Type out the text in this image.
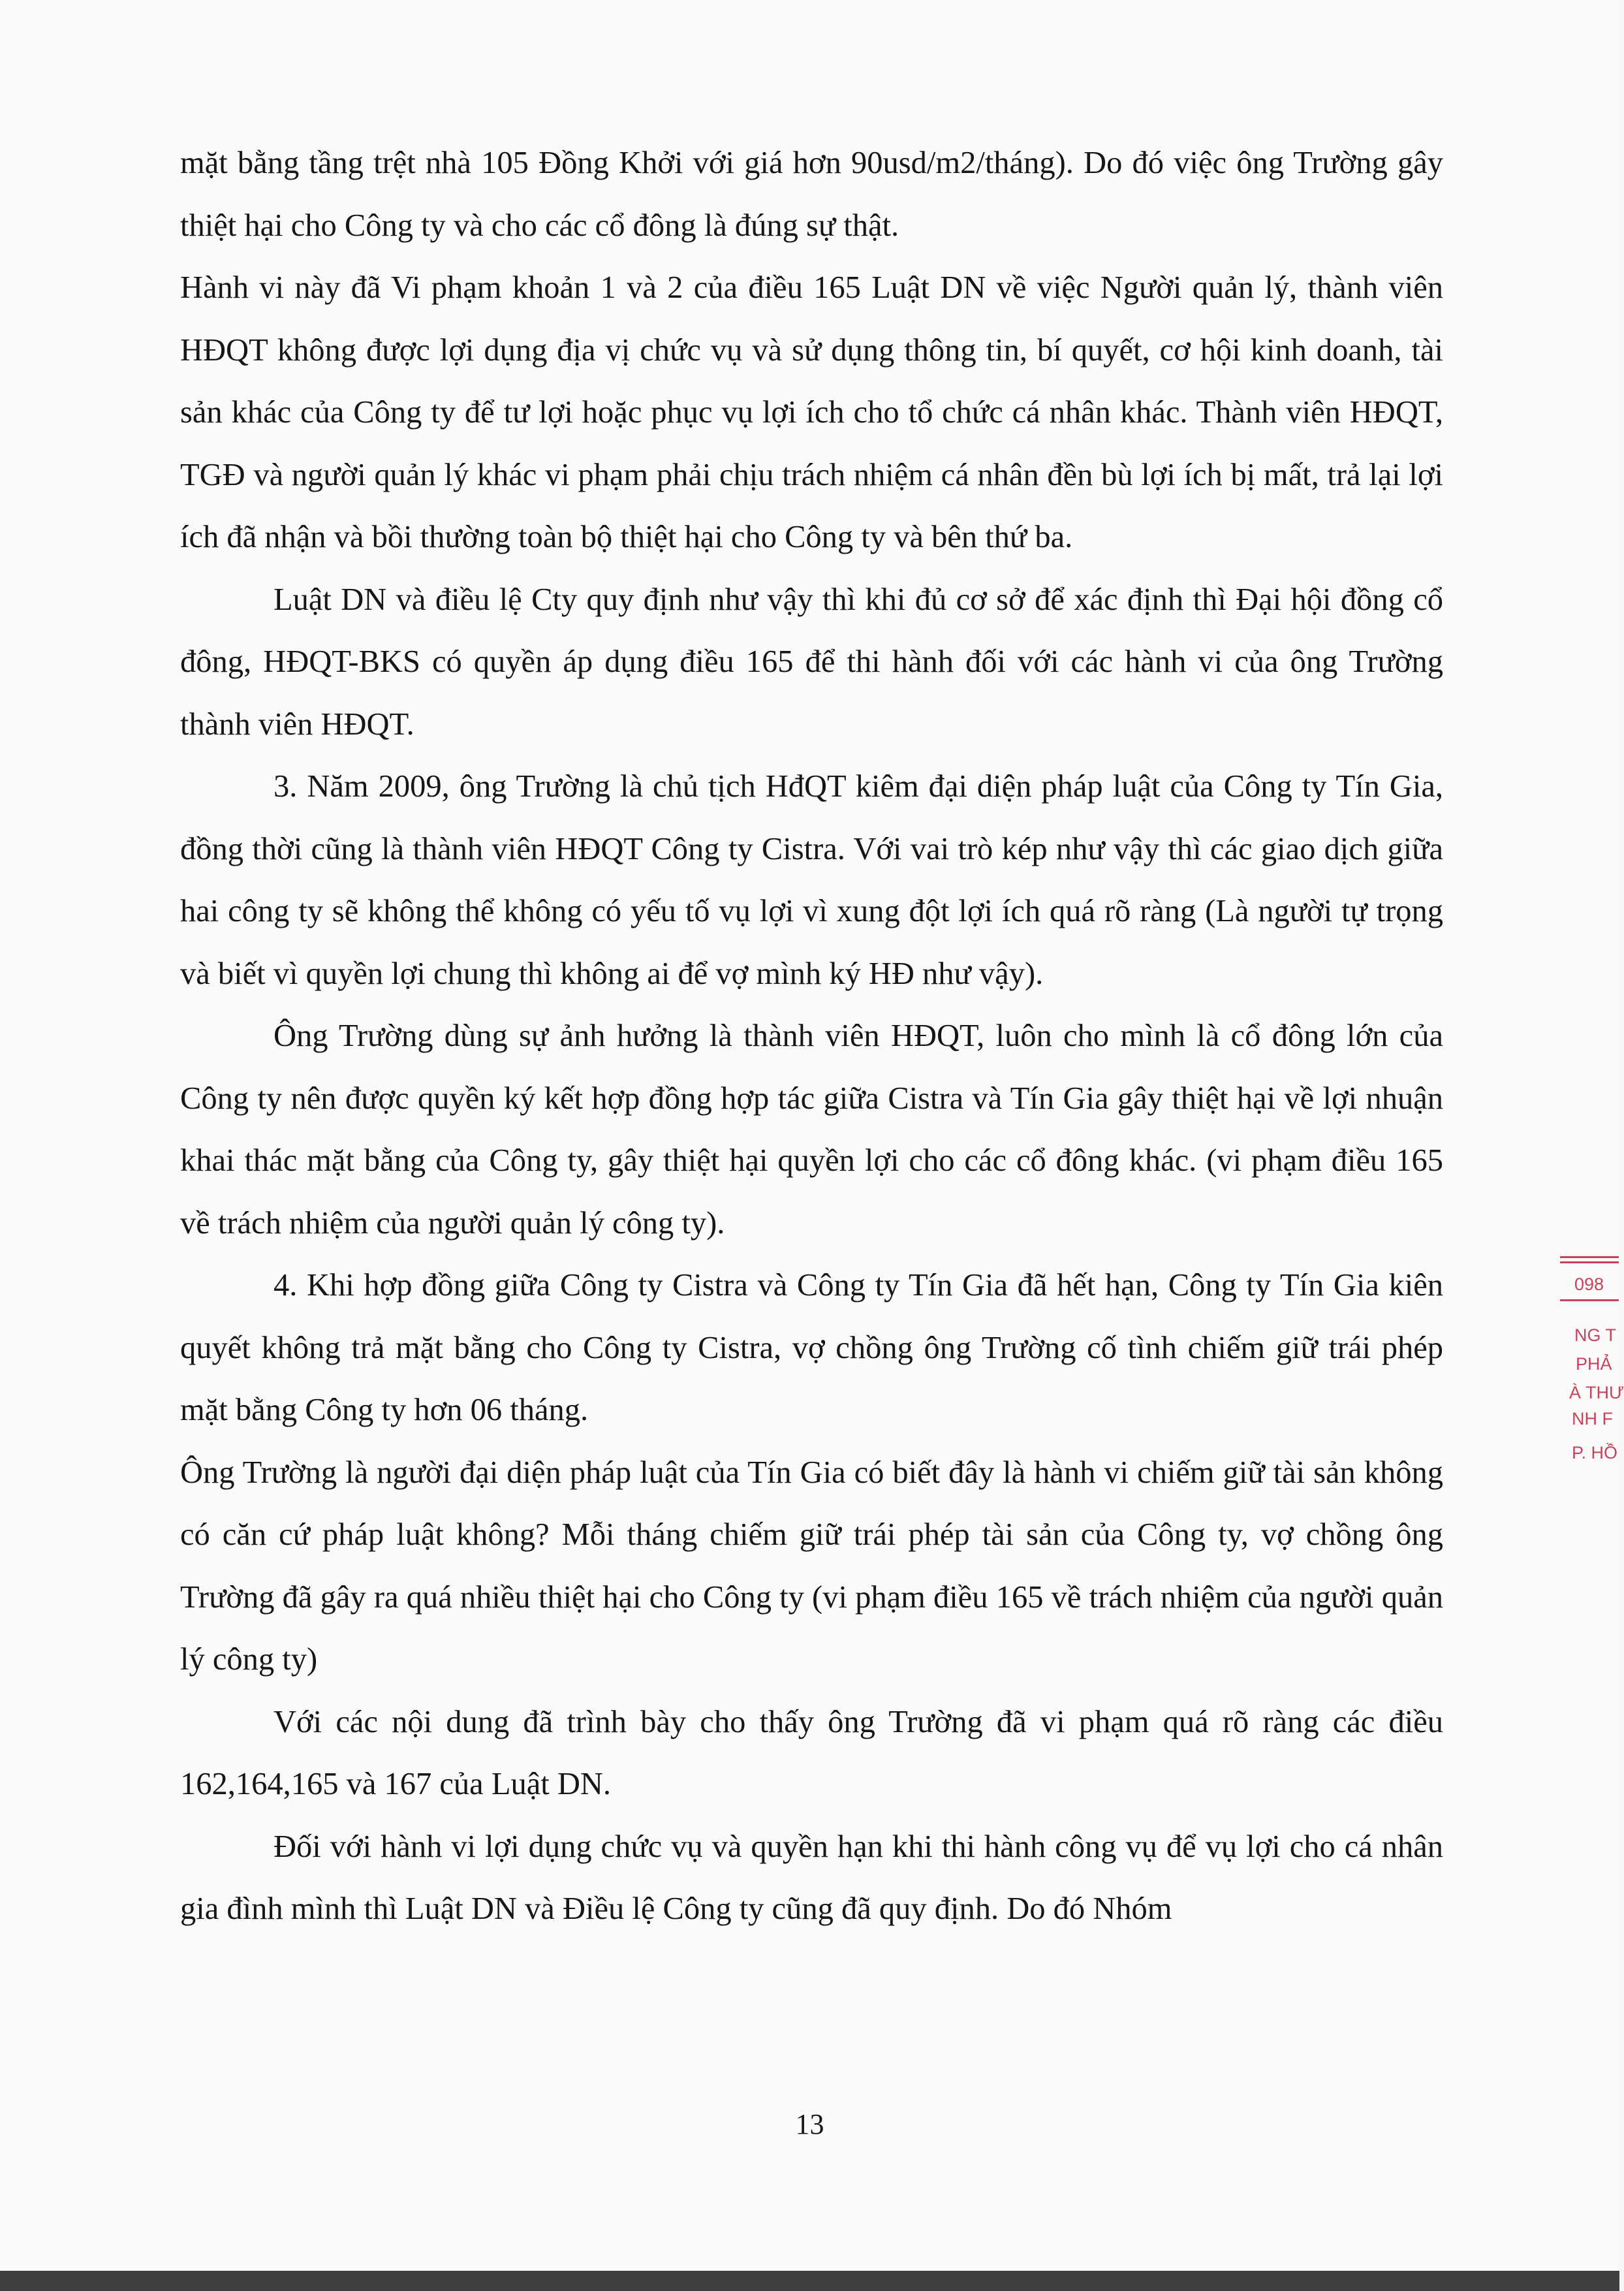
mặt bằng tầng trệt nhà 105 Đồng Khởi với giá hơn 90usd/m2/tháng). Do đó việc ông Trường gây thiệt hại cho Công ty và cho các cổ đông là đúng sự thật.

Hành vi này đã Vi phạm khoản 1 và 2 của điều 165 Luật DN về việc Người quản lý, thành viên HĐQT không được lợi dụng địa vị chức vụ và sử dụng thông tin, bí quyết, cơ hội kinh doanh, tài sản khác của Công ty để tư lợi hoặc phục vụ lợi ích cho tổ chức cá nhân khác. Thành viên HĐQT, TGĐ và người quản lý khác vi phạm phải chịu trách nhiệm cá nhân đền bù lợi ích bị mất, trả lại lợi ích đã nhận và bồi thường toàn bộ thiệt hại cho Công ty và bên thứ ba.

Luật DN và điều lệ Cty quy định như vậy thì khi đủ cơ sở để xác định thì Đại hội đồng cổ đông, HĐQT-BKS có quyền áp dụng điều 165 để thi hành đối với các hành vi của ông Trường thành viên HĐQT.

3. Năm 2009, ông Trường là chủ tịch HđQT kiêm đại diện pháp luật của Công ty Tín Gia, đồng thời cũng là thành viên HĐQT Công ty Cistra. Với vai trò kép như vậy thì các giao dịch giữa hai công ty sẽ không thể không có yếu tố vụ lợi vì xung đột lợi ích quá rõ ràng (Là người tự trọng và biết vì quyền lợi chung thì không ai để vợ mình ký HĐ như vậy).

Ông Trường dùng sự ảnh hưởng là thành viên HĐQT, luôn cho mình là cổ đông lớn của Công ty nên được quyền ký kết hợp đồng hợp tác giữa Cistra và Tín Gia gây thiệt hại về lợi nhuận khai thác mặt bằng của Công ty, gây thiệt hại quyền lợi cho các cổ đông khác. (vi phạm điều 165 về trách nhiệm của người quản lý công ty).

4. Khi hợp đồng giữa Công ty Cistra và Công ty Tín Gia đã hết hạn, Công ty Tín Gia kiên quyết không trả mặt bằng cho Công ty Cistra, vợ chồng ông Trường cố tình chiếm giữ trái phép mặt bằng Công ty hơn 06 tháng.

Ông Trường là người đại diện pháp luật của Tín Gia có biết đây là hành vi chiếm giữ tài sản không có căn cứ pháp luật không? Mỗi tháng chiếm giữ trái phép tài sản của Công ty, vợ chồng ông Trường đã gây ra quá nhiều thiệt hại cho Công ty (vi phạm điều 165 về trách nhiệm của người quản lý công ty)

Với các nội dung đã trình bày cho thấy ông Trường đã vi phạm quá rõ ràng các điều 162,164,165 và 167 của Luật DN.

Đối với hành vi lợi dụng chức vụ và quyền hạn khi thi hành công vụ để vụ lợi cho cá nhân gia đình mình thì Luật DN và Điều lệ Công ty cũng đã quy định. Do đó Nhóm

13
098
NG T
PHẢ
À THƯ
NH F
P. HỒ
